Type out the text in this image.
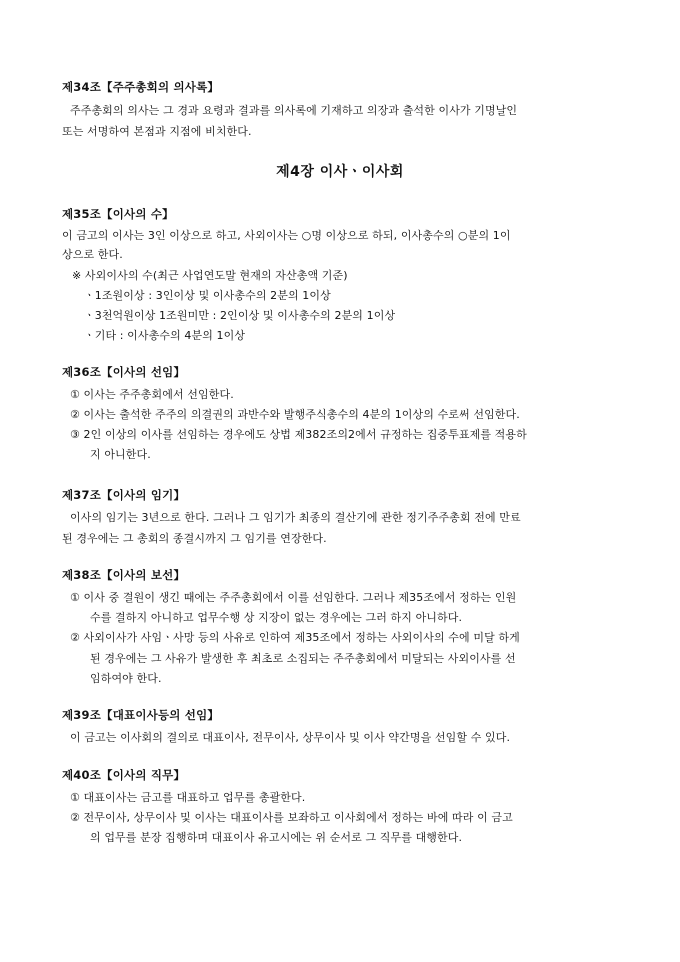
제34조【주주총회의 의사록】
주주총회의 의사는 그 경과 요령과 결과를 의사록에 기재하고 의장과 출석한 이사가 기명날인
또는 서명하여 본점과 지점에 비치한다.
제4장 이사ㆍ이사회
제35조【이사의 수】
이 금고의 이사는 3인 이상으로 하고, 사외이사는 ○명 이상으로 하되, 이사총수의 ○분의 1이
상으로 한다.
※ 사외이사의 수(최근 사업연도말 현재의 자산총액 기준)
ㆍ1조원이상 : 3인이상 및 이사총수의 2분의 1이상
ㆍ3천억원이상 1조원미만 : 2인이상 및 이사총수의 2분의 1이상
ㆍ기타 : 이사총수의 4분의 1이상
제36조【이사의 선임】
① 이사는 주주총회에서 선임한다.
② 이사는 출석한 주주의 의결권의 과반수와 발행주식총수의 4분의 1이상의 수로써 선임한다.
③ 2인 이상의 이사를 선임하는 경우에도 상법 제382조의2에서 규정하는 집중투표제를 적용하
지 아니한다.
제37조【이사의 임기】
이사의 임기는 3년으로 한다. 그러나 그 임기가 최종의 결산기에 관한 정기주주총회 전에 만료
된 경우에는 그 총회의 종결시까지 그 임기를 연장한다.
제38조【이사의 보선】
① 이사 중 결원이 생긴 때에는 주주총회에서 이를 선임한다. 그러나 제35조에서 정하는 인원
수를 결하지 아니하고 업무수행 상 지장이 없는 경우에는 그러 하지 아니하다.
② 사외이사가 사임ㆍ사망 등의 사유로 인하여 제35조에서 정하는 사외이사의 수에 미달 하게
된 경우에는 그 사유가 발생한 후 최초로 소집되는 주주총회에서 미달되는 사외이사를 선
임하여야 한다.
제39조【대표이사등의 선임】
이 금고는 이사회의 결의로 대표이사, 전무이사, 상무이사 및 이사 약간명을 선임할 수 있다.
제40조【이사의 직무】
① 대표이사는 금고를 대표하고 업무를 총괄한다.
② 전무이사, 상무이사 및 이사는 대표이사를 보좌하고 이사회에서 정하는 바에 따라 이 금고
의 업무를 분장 집행하며 대표이사 유고시에는 위 순서로 그 직무를 대행한다.
